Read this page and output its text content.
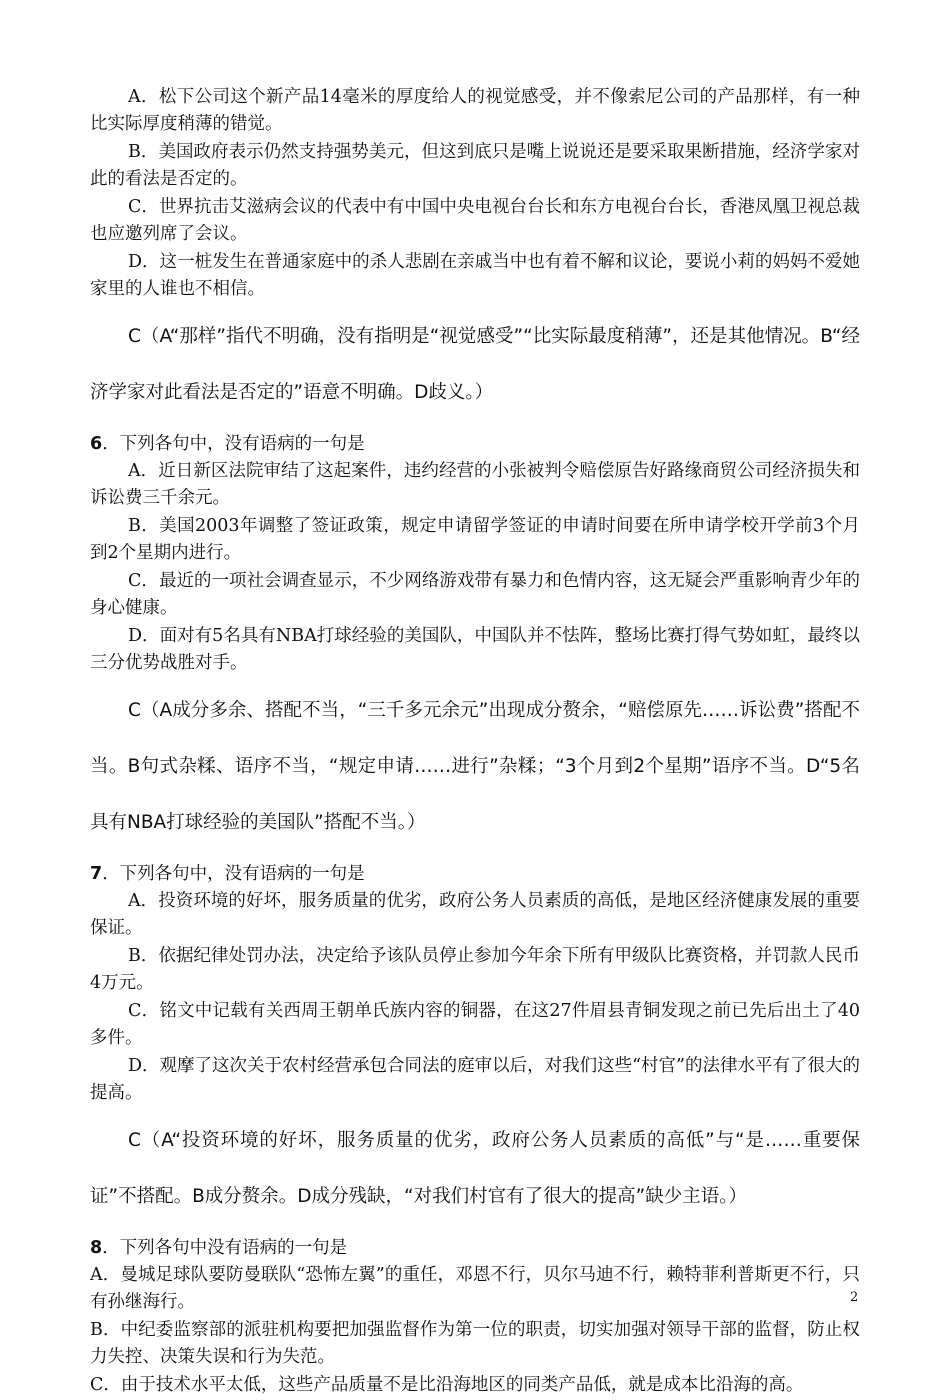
A．松下公司这个新产品14毫米的厚度给人的视觉感受，并不像索尼公司的产品那样，有一种比实际厚度稍薄的错觉。

B．美国政府表示仍然支持强势美元，但这到底只是嘴上说说还是要采取果断措施，经济学家对此的看法是否定的。

C．世界抗击艾滋病会议的代表中有中国中央电视台台长和东方电视台台长，香港凤凰卫视总裁也应邀列席了会议。

D．这一桩发生在普通家庭中的杀人悲剧在亲戚当中也有着不解和议论，要说小莉的妈妈不爱她家里的人谁也不相信。

C（A“那样”指代不明确，没有指明是“视觉感受”“比实际最度稍薄”，还是其他情况。B“经济学家对此看法是否定的”语意不明确。D歧义。）

6．下列各句中，没有语病的一句是

A．近日新区法院审结了这起案件，违约经营的小张被判令赔偿原告好路缘商贸公司经济损失和诉讼费三千余元。

B．美国2003年调整了签证政策，规定申请留学签证的申请时间要在所申请学校开学前3个月到2个星期内进行。

C．最近的一项社会调查显示，不少网络游戏带有暴力和色情内容，这无疑会严重影响青少年的身心健康。

D．面对有5名具有NBA打球经验的美国队，中国队并不怯阵，整场比赛打得气势如虹，最终以三分优势战胜对手。

C（A成分多余、搭配不当，“三千多元余元”出现成分赘余，“赔偿原先……诉讼费”搭配不当。B句式杂糅、语序不当，“规定申请……进行”杂糅；“3个月到2个星期”语序不当。D“5名具有NBA打球经验的美国队”搭配不当。）

7．下列各句中，没有语病的一句是

A．投资环境的好坏，服务质量的优劣，政府公务人员素质的高低，是地区经济健康发展的重要保证。

B．依据纪律处罚办法，决定给予该队员停止参加今年余下所有甲级队比赛资格，并罚款人民币4万元。

C．铭文中记载有关西周王朝单氏族内容的铜器，在这27件眉县青铜发现之前已先后出土了40多件。

D．观摩了这次关于农村经营承包合同法的庭审以后，对我们这些“村官”的法律水平有了很大的提高。

C（A“投资环境的好坏，服务质量的优劣，政府公务人员素质的高低”与“是……重要保证”不搭配。B成分赘余。D成分残缺，“对我们村官有了很大的提高”缺少主语。）

8．下列各句中没有语病的一句是

A．曼城足球队要防曼联队“恐怖左翼”的重任，邓恩不行，贝尔马迪不行，赖特菲利普斯更不行，只有孙继海行。

B．中纪委监察部的派驻机构要把加强监督作为第一位的职责，切实加强对领导干部的监督，防止权力失控、决策失误和行为失范。

C．由于技术水平太低，这些产品质量不是比沿海地区的同类产品低，就是成本比沿海的高。

2
